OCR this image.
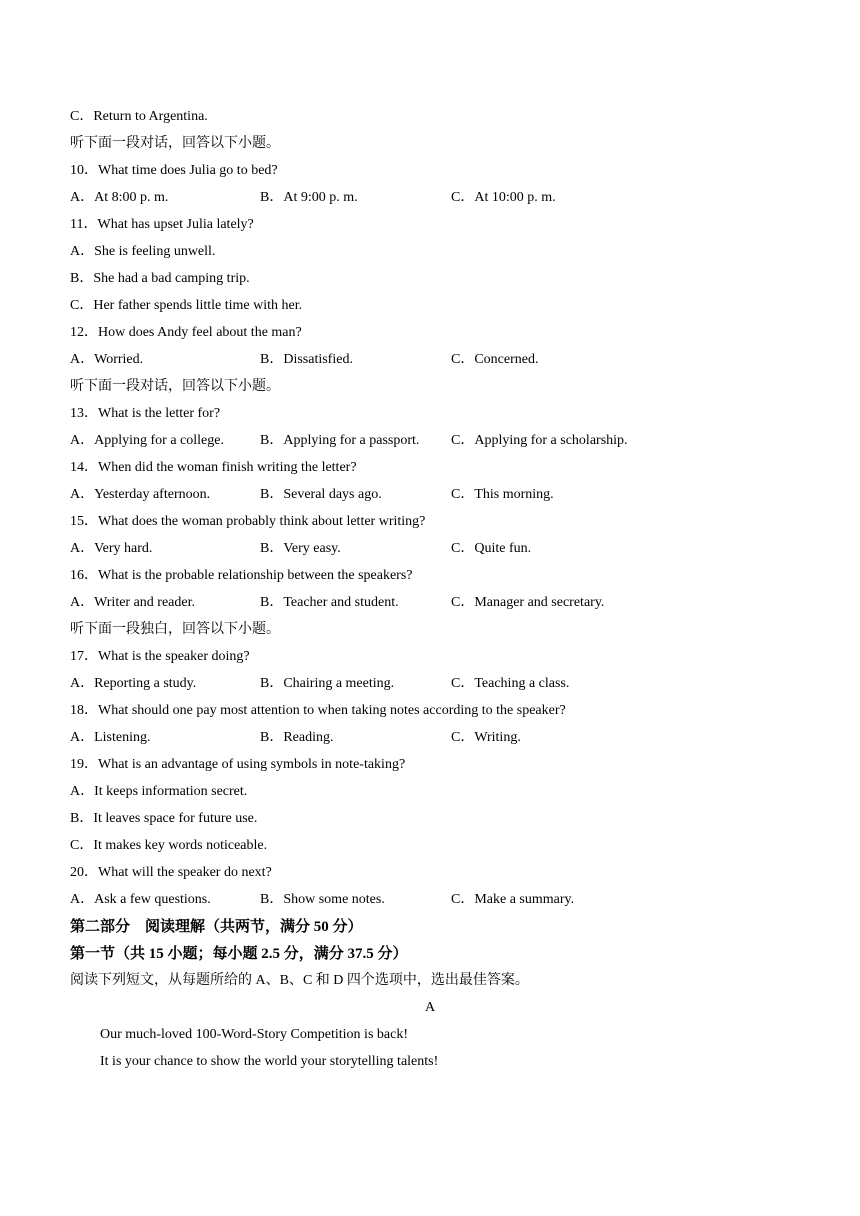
C．Return to Argentina.
听下面一段对话，回答以下小题。
10．What time does Julia go to bed?
A．At 8:00 p. m.	B．At 9:00 p. m.	C．At 10:00 p. m.
11．What has upset Julia lately?
A．She is feeling unwell.
B．She had a bad camping trip.
C．Her father spends little time with her.
12．How does Andy feel about the man?
A．Worried.	B．Dissatisfied.	C．Concerned.
听下面一段对话，回答以下小题。
13．What is the letter for?
A．Applying for a college.	B．Applying for a passport. C．Applying for a scholarship.
14．When did the woman finish writing the letter?
A．Yesterday afternoon.	B．Several days ago.	C．This morning.
15．What does the woman probably think about letter writing?
A．Very hard.	B．Very easy.	C．Quite fun.
16．What is the probable relationship between the speakers?
A．Writer and reader.	B．Teacher and student.	C．Manager and secretary.
听下面一段独白，回答以下小题。
17．What is the speaker doing?
A．Reporting a study.	B．Chairing a meeting.	C．Teaching a class.
18．What should one pay most attention to when taking notes according to the speaker?
A．Listening.	B．Reading.	C．Writing.
19．What is an advantage of using symbols in note-taking?
A．It keeps information secret.
B．It leaves space for future use.
C．It makes key words noticeable.
20．What will the speaker do next?
A．Ask a few questions.	B．Show some notes.	C．Make a summary.
第二部分　阅读理解（共两节，满分 50 分）
第一节（共 15 小题；每小题 2.5 分，满分 37.5 分）
阅读下列短文，从每题所给的 A、B、C 和 D 四个选项中，选出最佳答案。
A
Our much-loved 100-Word-Story Competition is back!
It is your chance to show the world your storytelling talents!
